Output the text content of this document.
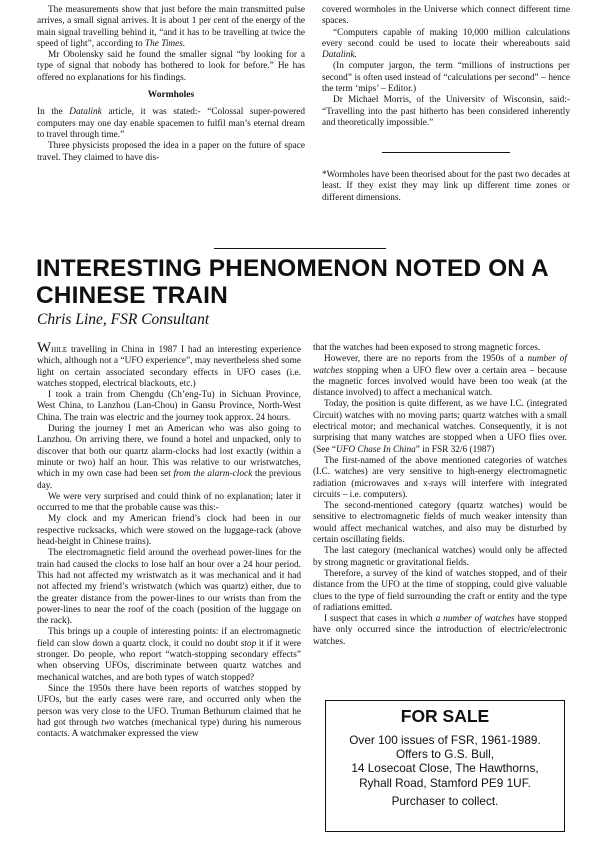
The measurements show that just before the main transmitted pulse arrives, a small signal arrives. It is about 1 per cent of the energy of the main signal travelling behind it, “and it has to be travelling at twice the speed of light”, according to The Times.

Mr Obolensky said he found the smaller signal “by looking for a type of signal that nobody has bothered to look for before.” He has offered no explanations for his findings.

Wormholes

In the Datalink article, it was stated:- “Colossal super-powered computers may one day enable spacemen to fulfil man’s eternal dream to travel through time.”

Three physicists proposed the idea in a paper on the future of space travel. They claimed to have dis-

covered wormholes in the Universe which connect different time spaces.

“Computers capable of making 10,000 million calculations every second could be used to locate their whereabouts said Datalink.

(In computer jargon, the term “millions of instructions per second” is often used instead of “calculations per second” – hence the term ‘mips’ – Editor.)

Dr Michael Morris, of the Universitv of Wisconsin, said:- “Travelling into the past hitherto has been considered inherently and theoretically impossible.”

*Wormholes have been theorised about for the past two decades at least. If they exist they may link up different time zones or different dimensions.

INTERESTING PHENOMENON NOTED ON A CHINESE TRAIN

Chris Line, FSR Consultant

While travelling in China in 1987 I had an interesting experience which, although not a “UFO experience”, may nevertheless shed some light on certain associated secondary effects in UFO cases (i.e. watches stopped, electrical blackouts, etc.)

I took a train from Chengdu (Ch’eng-Tu) in Sichuan Province, West China, to Lanzhou (Lan-Chou) in Gansu Province, North-West China. The train was electric and the journey took approx. 24 hours.

During the journey I met an American who was also going to Lanzhou. On arriving there, we found a hotel and unpacked, only to discover that both our quartz alarm-clocks had lost exactly (within a minute or two) half an hour. This was relative to our wristwatches, which in my own case had been set from the alarm-clock the previous day.

We were very surprised and could think of no explanation; later it occurred to me that the probable cause was this:-

My clock and my American friend’s clock had been in our respective rucksacks, which were stowed on the luggage-rack (above head-height in Chinese trains).

The electromagnetic field around the overhead power-lines for the train had caused the clocks to lose half an hour over a 24 hour period. This had not affected my wristwatch as it was mechanical and it had not affected my friend’s wristwatch (which was quartz) either, due to the greater distance from the power-lines to our wrists than from the power-lines to near the roof of the coach (position of the luggage on the rack).

This brings up a couple of interesting points: if an electromagnetic field can slow down a quartz clock, it could no doubt stop it if it were stronger. Do people, who report “watch-stopping secondary effects” when observing UFOs, discriminate between quartz watches and mechanical watches, and are both types of watch stopped?

Since the 1950s there have been reports of watches stopped by UFOs, but the early cases were rare, and occurred only when the person was very close to the UFO. Truman Bethurum claimed that he had got through two watches (mechanical type) during his numerous contacts. A watchmaker expressed the view

that the watches had been exposed to strong magnetic forces.

However, there are no reports from the 1950s of a number of watches stopping when a UFO flew over a certain area – because the magnetic forces involved would have been too weak (at the distance involved) to affect a mechanical watch.

Today, the position is quite different, as we have I.C. (integrated Circuit) watches with no moving parts; quartz watches with a small electrical motor; and mechanical watches. Consequently, it is not surprising that many watches are stopped when a UFO flies over. (See “UFO Chase In China” in FSR 32/6 (1987)

The first-named of the above mentioned categories of watches (I.C. watches) are very sensitive to high-energy electromagnetic radiation (microwaves and x-rays will interfere with integrated circuits – i.e. computers).

The second-mentioned category (quartz watches) would be sensitive to electromagnetic fields of much weaker intensity than would affect mechanical watches, and also may be disturbed by certain oscillating fields.

The last category (mechanical watches) would only be affected by strong magnetic or gravitational fields.

Therefore, a survey of the kind of watches stopped, and of their distance from the UFO at the time of stopping, could give valuable clues to the type of field surrounding the craft or entity and the type of radiations emitted.

I suspect that cases in which a number of watches have stopped have only occurred since the introduction of electric/electronic watches.

FOR SALE
Over 100 issues of FSR, 1961-1989.
Offers to G.S. Bull,
14 Losecoat Close, The Hawthorns,
Ryhall Road, Stamford PE9 1UF.
Purchaser to collect.
